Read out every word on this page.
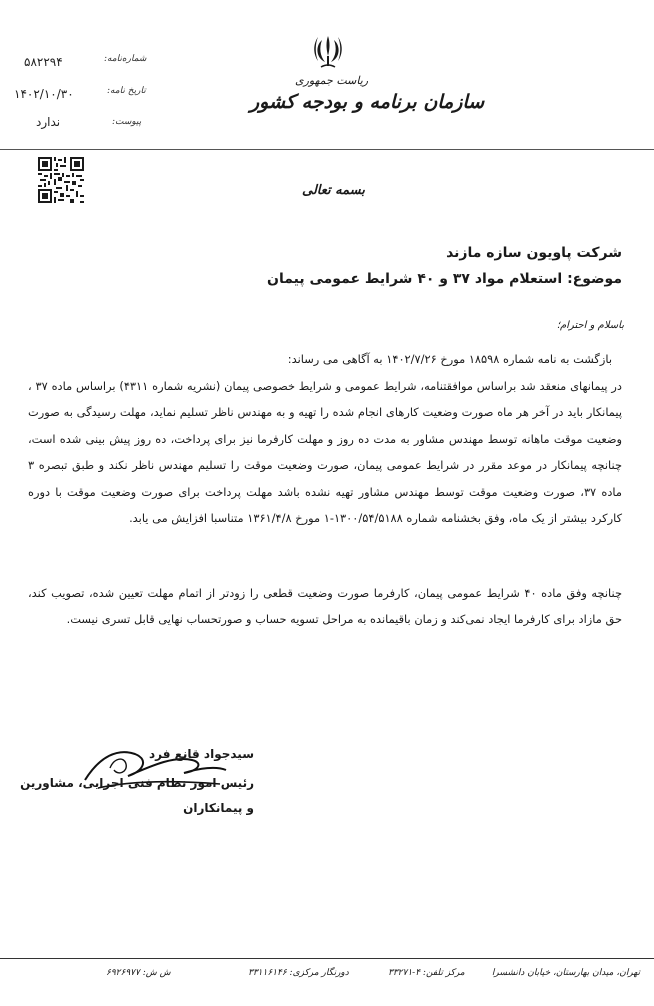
شماره‌نامه:
۵۸۲۲۹۴
تاریخ نامه:
۱۴۰۲/۱۰/۳۰
پیوست:
ندارد
ریاست جمهوری
سازمان برنامه و بودجه کشور
بسمه تعالی
شرکت پاویون سازه مازند
موضوع: استعلام مواد ۳۷ و ۴۰ شرایط عمومی پیمان
باسلام و احترام؛
بازگشت به نامه شماره ۱۸۵۹۸ مورخ ۱۴۰۲/۷/۲۶ به آگاهی می رساند:
در پیمانهای منعقد شد براساس موافقتنامه، شرایط عمومی و شرایط خصوصی پیمان (نشریه شماره ۴۳۱۱) براساس ماده ۳۷ ، پیمانکار باید در آخر هر ماه صورت وضعیت کارهای انجام شده را تهیه و به مهندس ناظر تسلیم نماید، مهلت رسیدگی به صورت وضعیت موقت ماهانه توسط مهندس مشاور به مدت ده روز و مهلت کارفرما نیز برای پرداخت، ده روز پیش بینی شده است، چنانچه پیمانکار در موعد مقرر در شرایط عمومی پیمان، صورت وضعیت موقت را تسلیم مهندس ناظر نکند و طبق تبصره ۳ ماده ۳۷، صورت وضعیت موقت توسط مهندس مشاور تهیه نشده باشد مهلت پرداخت برای صورت وضعیت موقت با دوره کارکرد بیشتر از یک ماه، وفق بخشنامه شماره ۱۳۰۰/۵۴/۵۱۸۸-۱ مورخ ۱۳۶۱/۴/۸ متناسبا افزایش می یابد.
چنانچه وفق ماده ۴۰ شرایط عمومی پیمان، کارفرما صورت وضعیت قطعی را زودتر از اتمام مهلت تعیین شده، تصویب کند، حق مازاد برای کارفرما ایجاد نمی‌کند و زمان باقیمانده به مراحل تسویه حساب و صورتحساب نهایی قابل تسری نیست.
سیدجواد قانع فرد
رئیس امور نظام فنی اجرایی، مشاورین
و پیمانکاران
تهران، میدان بهارستان، خیابان دانشسرا
مرکز تلفن: ۴-۳۳۲۷۱
دورنگار مرکزی: ۳۳۱۱۶۱۴۶
ش ش: ۶۹۲۶۹۷۷
